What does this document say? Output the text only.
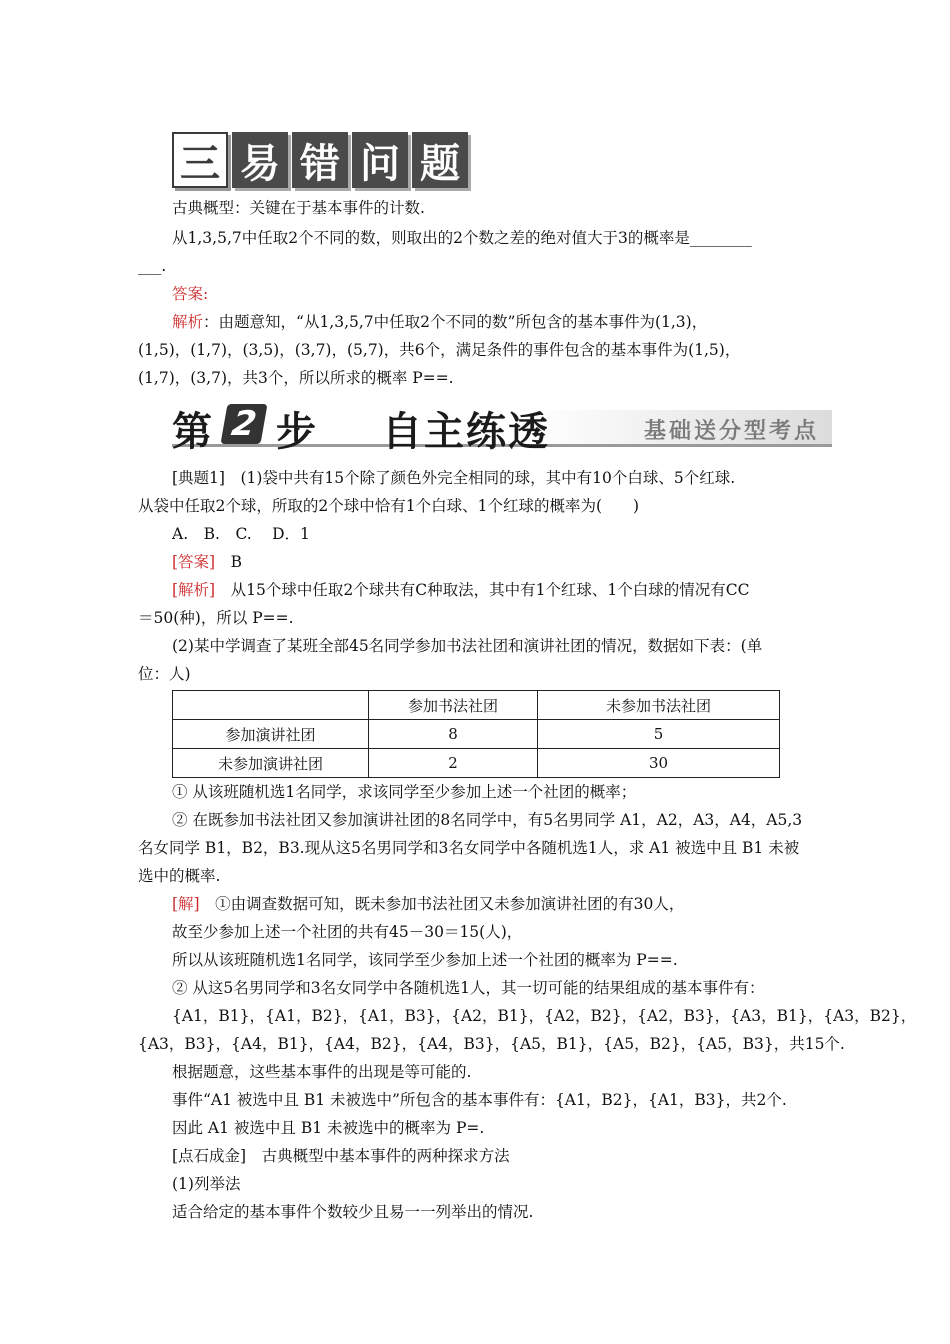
三 易 错 问 题
古典概型：关键在于基本事件的计数.
从1,3,5,7中任取2个不同的数，则取出的2个数之差的绝对值大于3的概率是________
___.
答案:
解析：由题意知，“从1,3,5,7中任取2个不同的数”所包含的基本事件为(1,3)，
(1,5)，(1,7)，(3,5)，(3,7)，(5,7)，共6个，满足条件的事件包含的基本事件为(1,5)，
(1,7)，(3,7)，共3个，所以所求的概率 P==.
第 2 步 自主练透	基础送分型考点
[典题1]　(1)袋中共有15个除了颜色外完全相同的球，其中有10个白球、5个红球.
从袋中任取2个球，所取的2个球中恰有1个白球、1个红球的概率为(　　)
A.　B.　C.　 D．1
[答案]　 B
[解析]　 从15个球中任取2个球共有C种取法，其中有1个红球、1个白球的情况有CC
＝50(种)，所以 P==.
(2)某中学调查了某班全部45名同学参加书法社团和演讲社团的情况，数据如下表：(单
位：人)
	参加书法社团	未参加书法社团
参加演讲社团	8	5
未参加演讲社团	2	30
① 从该班随机选1名同学，求该同学至少参加上述一个社团的概率；
② 在既参加书法社团又参加演讲社团的8名同学中，有5名男同学 A1，A2，A3，A4，A5,3
名女同学 B1，B2，B3.现从这5名男同学和3名女同学中各随机选1人，求 A1 被选中且 B1 未被
选中的概率.
[解]　 ①由调查数据可知，既未参加书法社团又未参加演讲社团的有30人，
故至少参加上述一个社团的共有45－30＝15(人)，
所以从该班随机选1名同学，该同学至少参加上述一个社团的概率为 P==.
② 从这5名男同学和3名女同学中各随机选1人，其一切可能的结果组成的基本事件有：
{A1，B1}，{A1，B2}，{A1，B3}，{A2，B1}，{A2，B2}，{A2，B3}，{A3，B1}，{A3，B2}，
{A3，B3}，{A4，B1}，{A4，B2}，{A4，B3}，{A5，B1}，{A5，B2}，{A5，B3}，共15个.
根据题意，这些基本事件的出现是等可能的.
事件“A1 被选中且 B1 未被选中”所包含的基本事件有：{A1，B2}，{A1，B3}，共2个.
因此 A1 被选中且 B1 未被选中的概率为 P=.
[点石成金]　古典概型中基本事件的两种探求方法
(1)列举法
适合给定的基本事件个数较少且易一一列举出的情况.
